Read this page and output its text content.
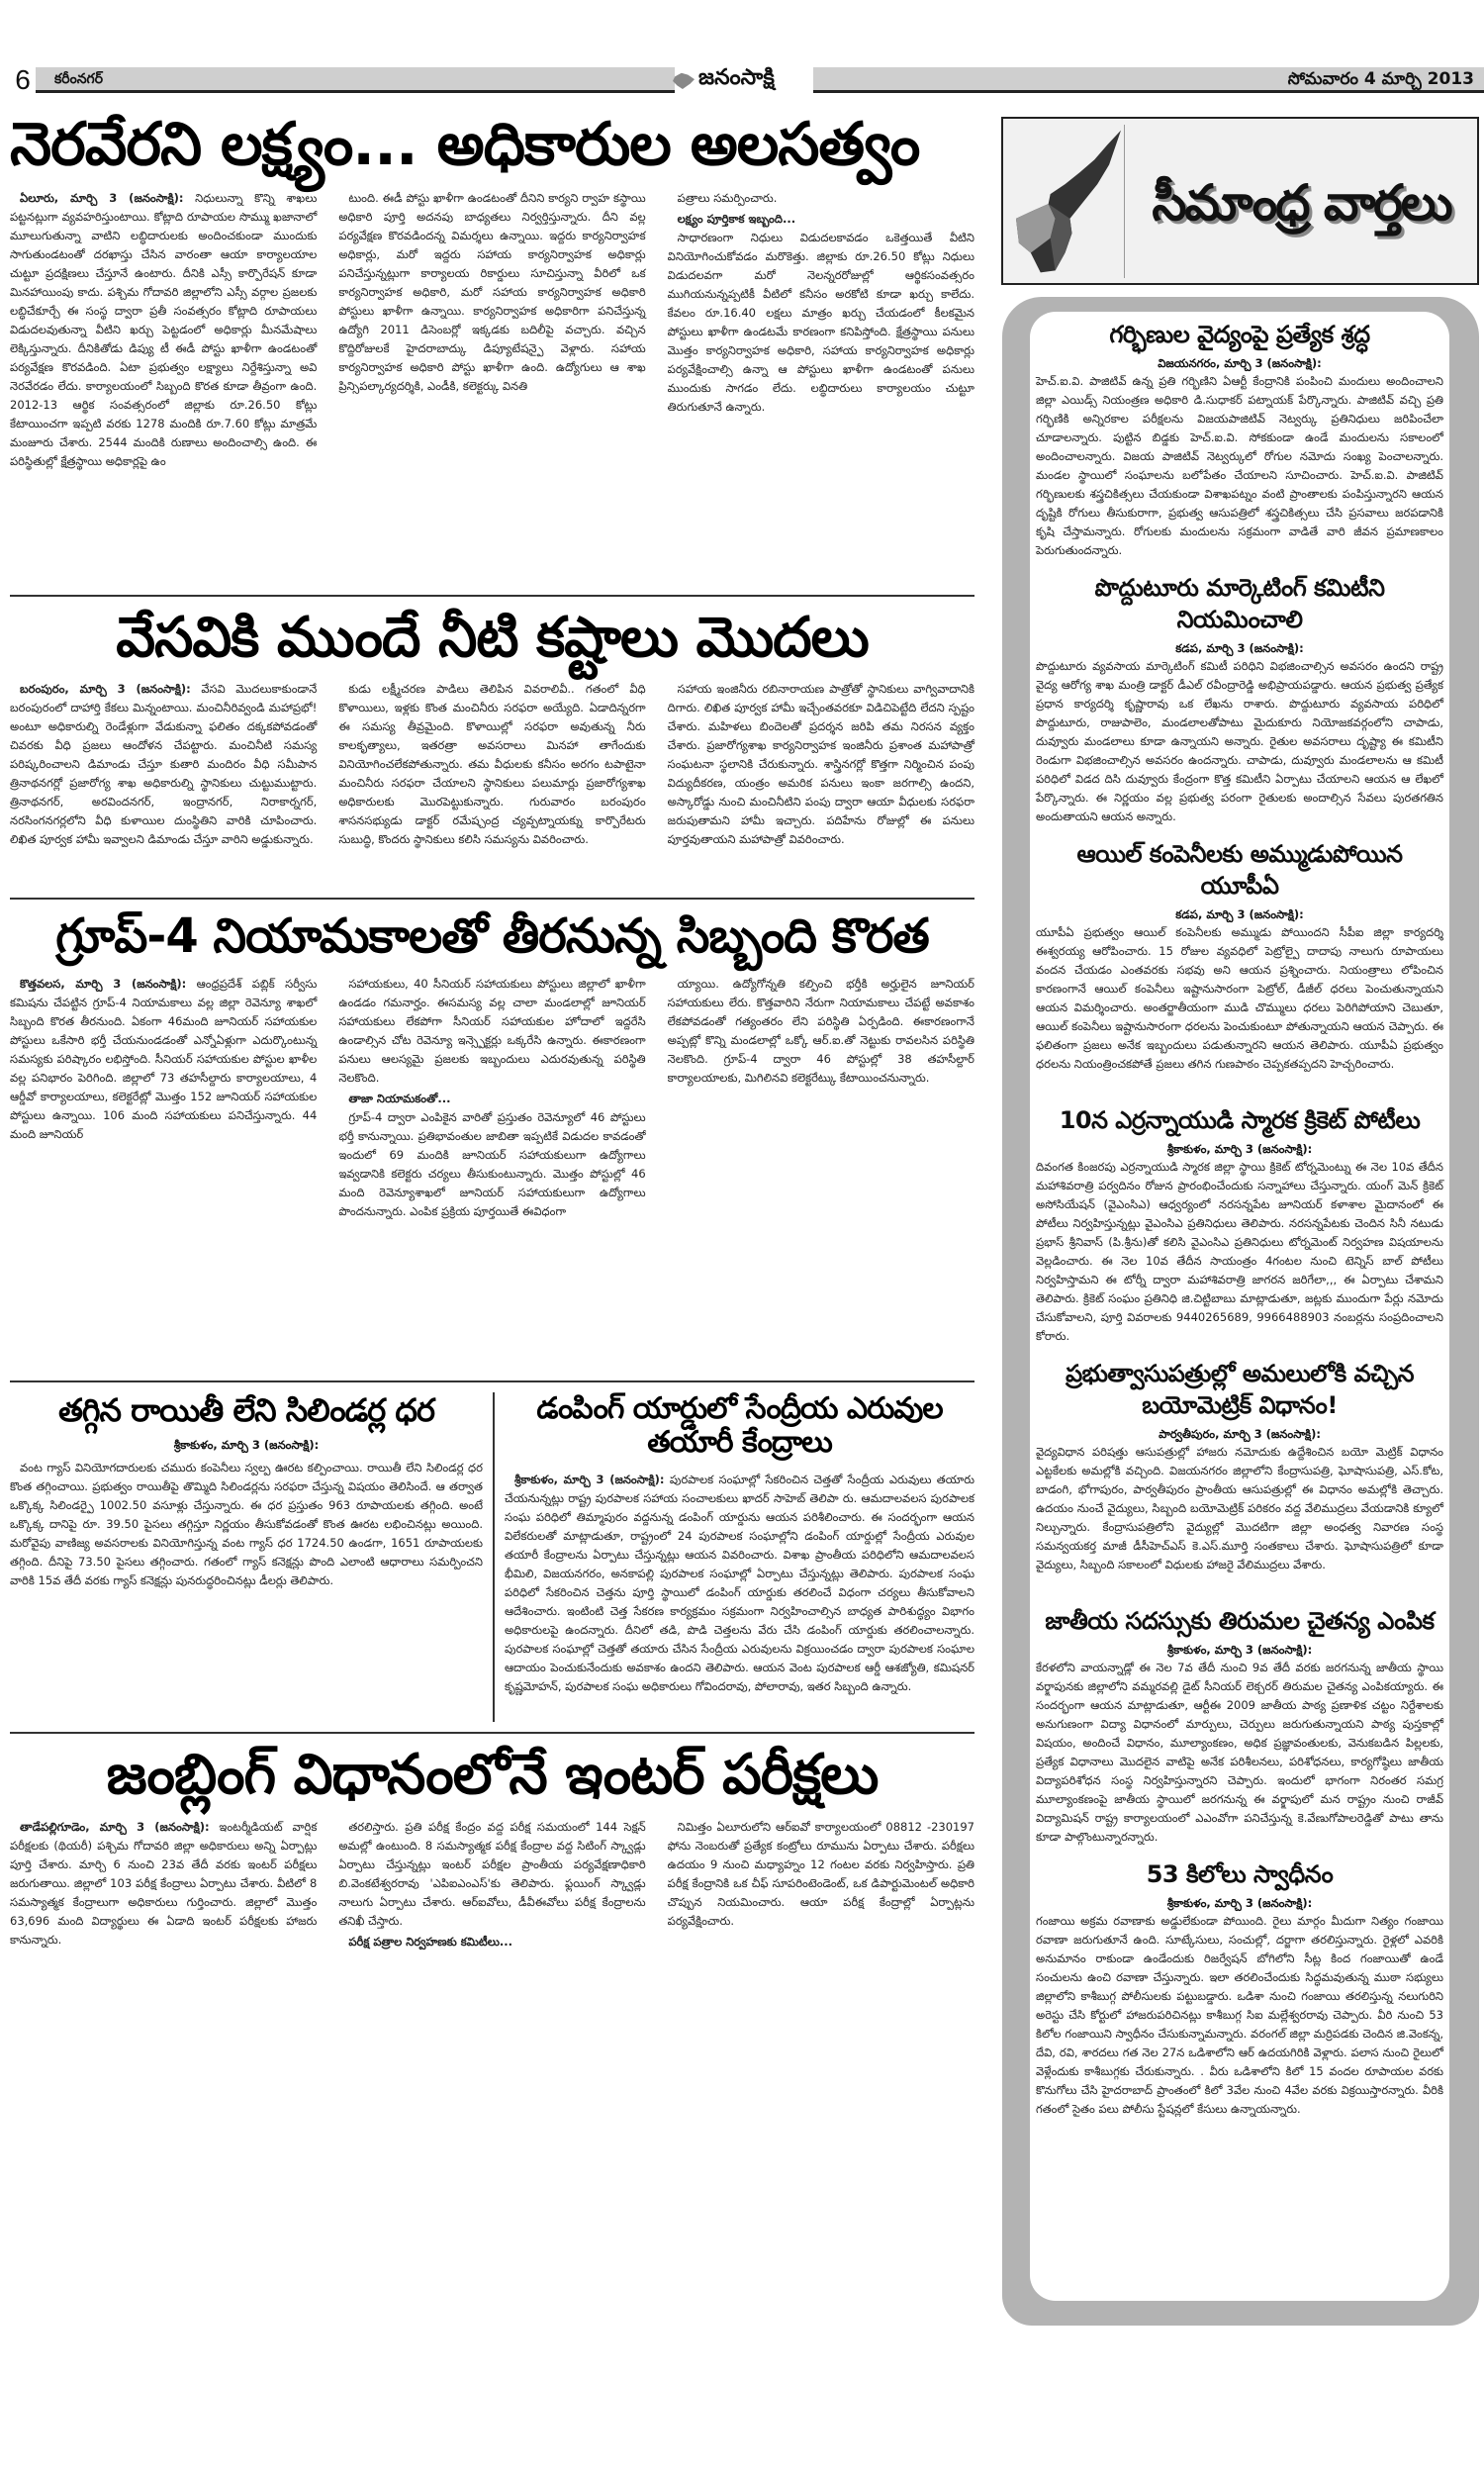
6	కరీంనగర్	జనంసాక్షి	సోమవారం 4 మార్చి 2013
నెరవేరని లక్ష్యం... అధికారుల అలసత్వం

ఏలూరు, మార్చి 3 (జనంసాక్షి): నిధులున్నా కొన్ని శాఖలు పట్టనట్లుగా వ్యవహరిస్తుంటాయి. కోట్లాది రూపాయల సొమ్ము ఖజానాలో మూలుగుతున్నా వాటిని లబ్ధిదారులకు అందించకుండా ముందుకు సాగుతుండటంతో దరఖాస్తు చేసిన వారంతా ఆయా కార్యాలయాల చుట్టూ ప్రదక్షిణలు చేస్తూనే ఉంటారు. దీనికి ఎస్సీ కార్పొరేషన్ కూడా మినహాయింపు కాదు. పశ్చిమ గోదావరి జిల్లాలోని ఎస్సీ వర్గాల ప్రజలకు లబ్ధిచేకూర్చే ఈ సంస్థ ద్వారా ప్రతీ సంవత్సరం కోట్లాది రూపాయలు విడుదలవుతున్నా వీటిని ఖర్చు పెట్టడంలో అధికార్లు మీనమేషాలు లెక్కిస్తున్నారు. దీనికితోడు డిప్యు టీ ఈడీ పోస్టు ఖాళీగా ఉండటంతో పర్యవేక్షణ కొరవడింది. ఏటా ప్రభుత్వం లక్ష్యాలు నిర్దేశిస్తున్నా అవి నెరవేరడం లేదు. కార్యాలయంలో సిబ్బంది కొరత కూడా తీవ్రంగా ఉంది. 2012-13 ఆర్థిక సంవత్సరంలో జిల్లాకు రూ.26.50 కోట్లు కేటాయించగా ఇప్పటి వరకు 1278 మందికి రూ.7.60 కోట్లు మాత్రమే మంజూరు చేశారు. 2544 మందికి రుణాలు అందించాల్సి ఉంది. ఈ పరిస్థితుల్లో క్షేత్రస్థాయి అధికార్లపై ఉం

టుంది. ఈడీ పోస్టు ఖాళీగా ఉండటంతో దీనిని కార్యని ర్వాహ కస్థాయి అధికారి పూర్తి అదనపు బాధ్యతలు నిర్వర్తిస్తున్నారు. దీని వల్ల పర్యవేక్షణ కొరవడిందన్న విమర్శలు ఉన్నాయి. ఇద్దరు కార్యనిర్వాహక అధికార్లు, మరో ఇద్దరు సహాయ కార్యనిర్వాహక అధికార్లు పనిచేస్తున్నట్లుగా కార్యాలయ రికార్డులు సూచిస్తున్నా వీరిలో ఒక కార్యనిర్వాహక అధికారి, మరో సహాయ కార్యనిర్వాహక అధికారి పోస్టులు ఖాళీగా ఉన్నాయి. కార్యనిర్వాహక అధికారిగా పనిచేస్తున్న ఉద్యోగి 2011 డిసెంబర్లో ఇక్కడకు బదిలీపై వచ్చారు. వచ్చిన కొద్దిరోజులకే హైదరాబాద్కు డిప్యూటేషన్పై వెళ్లారు. సహాయ కార్యనిర్వాహక అధికారి పోస్టు ఖాళీగా ఉంది. ఉద్యోగులు ఆ శాఖ ప్రిన్సిపల్కార్యదర్శికి, ఎండీకి, కలెక్టర్కు వినతి

పత్రాలు సమర్పించారు.

లక్ష్యం పూర్తికాక ఇబ్బంది...

సాధారణంగా నిధులు విడుదలకావడం ఒకెత్తయితే వీటిని వినియోగించుకోవడం మరొకెత్తు. జిల్లాకు రూ.26.50 కోట్లు నిధులు విడుదలవగా మరో నెలన్నరరోజుల్లో ఆర్థికసంవత్సరం ముగియనున్నప్పటికీ వీటిలో కనీసం అరకోటి కూడా ఖర్చు కాలేదు. కేవలం రూ.16.40 లక్షలు మాత్రం ఖర్చు చేయడంలో కీలకమైన పోస్టులు ఖాళీగా ఉండటమే కారణంగా కనిపిస్తోంది. క్షేత్రస్థాయి పనులు మొత్తం కార్యనిర్వాహక అధికారి, సహాయ కార్యనిర్వాహక అధికార్లు పర్యవేక్షించాల్సి ఉన్నా ఆ పోస్టులు ఖాళీగా ఉండటంతో పనులు ముందుకు సాగడం లేదు. లబ్ధిదారులు కార్యాలయం చుట్టూ తిరుగుతూనే ఉన్నారు.

వేసవికి ముందే నీటి కష్టాలు మొదలు

బరంపురం, మార్చి 3 (జనంసాక్షి): వేసవి మొదలుకాకుండానే బరంపురంలో దాహార్తి కేకలు మిన్నంటాయి. మంచినీరివ్వండి మహాప్రభో! అంటూ అధికారుల్ని రెండేళ్లుగా వేడుకున్నా ఫలితం దక్కకపోవడంతో చివరకు వీధి ప్రజలు ఆందోళన చేపట్టారు. మంచినీటి సమస్య పరిష్కరించాలని డిమాండు చేస్తూ కుతారి మందిరం వీధి సమీపాన త్రినాథనగర్లో ప్రజారోగ్య శాఖ అధికారుల్ని స్థానికులు చుట్టుముట్టారు. త్రినాథనగర్, అరవిందనగర్, ఇంద్రానగర్, నిరాకార్నగర్, నరసింగనగర్లలోని వీధి కుళాయిల దుంస్థితిని వారికి చూపించారు. లిఖిత పూర్వక హామీ ఇవ్వాలని డిమాండు చేస్తూ వారిని అడ్డుకున్నారు.

కుడు లక్ష్మీచరణ పాడిలు తెలిపిన వివరాలివీ.. గతంలో వీధి కొళాయిలు, ఇళ్లకు కొంత మంచినీరు సరఫరా అయ్యేది. ఏడాదిన్నరగా ఈ సమస్య తీవ్రమైంది. కొళాయిల్లో సరఫరా అవుతున్న నీరు కాలకృత్యాలు, ఇతరత్రా అవసరాలు మినహా తాగేందుకు వినియోగించలేకపోతున్నారు. తమ వీధులకు కనీసం అరగం టపాటైనా మంచినీరు సరఫరా చేయాలని స్థానికులు పలుమార్లు ప్రజారోగ్యశాఖ అధికారులకు మొరపెట్టుకున్నారు. గురువారం బరంపురం శాసనసభ్యుడు డాక్టర్ రమేష్చంద్ర చ్యవ్పట్నాయక్ను కార్పొరేటరు సుబుద్ధి, కొందరు స్థానికులు కలిసి సమస్యను వివరించారు.

సహాయ ఇంజినీరు రబినారాయణ పాత్రోతో స్థానికులు వాగ్వివాదానికి దిగారు. లిఖిత పూర్వక హామీ ఇచ్చేంతవరకూ విడిచిపెట్టేది లేదని స్పష్టం చేశారు. మహిళలు బిందెలతో ప్రదర్శన జరిపి తమ నిరసన వ్యక్తం చేశారు. ప్రజారోగ్యశాఖ కార్యనిర్వాహక ఇంజినీరు ప్రశాంత మహాపాత్రో సంఘటనా స్థలానికి చేరుకున్నారు. శాస్త్రినగర్లో కొత్తగా నిర్మించిన పంపు విద్యుదీకరణ, యంత్రం అమరిక పనులు ఇంకా జరగాల్సి ఉందని, అస్కారోడ్డు నుంచి మంచినీటిని పంపు ద్వారా ఆయా వీధులకు సరఫరా జరుపుతామని హామీ ఇచ్చారు. పదిహేను రోజుల్లో ఈ పనులు పూర్తవుతాయని మహాపాత్రో వివరించారు.

గ్రూప్-4 నియామకాలతో తీరనున్న సిబ్బంది కొరత

కొత్తవలస, మార్చి 3 (జనంసాక్షి): ఆంధ్రప్రదేశ్ పబ్లిక్ సర్వీసు కమిషను చేపట్టిన గ్రూప్-4 నియామకాలు వల్ల జిల్లా రెవెన్యూ శాఖలో సిబ్బంది కొరత తీరనుంది. ఏకంగా 46మంది జూనియర్ సహాయకుల పోస్టులు ఒకేసారి భర్తీ చేయనుండడంతో ఎన్నోఏళ్లుగా ఎదుర్కొంటున్న సమస్యకు పరిష్కారం లభిస్తోంది. సీనియర్ సహాయకుల పోస్టుల ఖాళీల వల్ల పనిభారం పెరిగింది. జిల్లాలో 73 తహసీల్దారు కార్యాలయాలు, 4 ఆర్డీవో కార్యాలయాలు, కలెక్టరేట్లో మొత్తం 152 జూనియర్ సహాయకుల పోస్టులు ఉన్నాయి. 106 మంది సహాయకులు పనిచేస్తున్నారు. 44 మంది జూనియర్

సహాయకులు, 40 సీనియర్ సహాయకులు పోస్టులు జిల్లాలో ఖాళీగా ఉండడం గమనార్హం. ఈసమస్య వల్ల చాలా మండలాల్లో జూనియర్ సహాయకులు లేకపోగా సీనియర్ సహాయకుల హోదాలో ఇద్దరేసి ఉండాల్సిన చోట రెవెన్యూ ఇన్స్పెక్టర్లు ఒక్కరేసి ఉన్నారు. ఈకారణంగా పనులు ఆలస్యమై ప్రజలకు ఇబ్బందులు ఎదురవుతున్న పరిస్థితి నెలకొంది.

తాజా నియామకంతో...

గ్రూప్-4 ద్వారా ఎంపికైన వారితో ప్రస్తుతం రెవెన్యూలో 46 పోస్టులు భర్తీ కానున్నాయి. ప్రతిభావంతుల జాబితా ఇప్పటికే విడుదల కావడంతో ఇందులో 69 మందికి జూనియర్ సహాయకులుగా ఉద్యోగాలు ఇవ్వడానికి కలెక్టరు చర్యలు తీసుకుంటున్నారు. మొత్తం పోస్టుల్లో 46 మంది రెవెన్యూశాఖలో జూనియర్ సహాయకులుగా ఉద్యోగాలు పొందనున్నారు. ఎంపిక ప్రక్రియ పూర్తయితే ఈవిధంగా

య్యాయి. ఉద్యోగోన్నతి కల్పించి భర్తీకి అర్హులైన జూనియర్ సహాయకులు లేరు. కొత్తవారిని నేరుగా నియామకాలు చేపట్టే అవకాశం లేకపోవడంతో గత్యంతరం లేని పరిస్థితి ఏర్పడింది. ఈకారణంగానే అప్పట్లో కొన్ని మండలాల్లో ఒక్కో ఆర్.ఐ.తో నెట్టుకు రావలసిన పరిస్థితి నెలకొంది. గ్రూప్-4 ద్వారా 46 పోస్టుల్లో 38 తహసీల్దార్ కార్యాలయాలకు, మిగిలినవి కలెక్టరేట్కు కేటాయించనున్నారు.

తగ్గిన రాయితీ లేని సిలిండర్ల ధర
శ్రీకాకుళం, మార్చి 3 (జనంసాక్షి):
వంట గ్యాస్ వినియోగదారులకు చమురు కంపెనీలు స్వల్ప ఊరట కల్పించాయి. రాయితీ లేని సిలిండర్ల ధర కొంత తగ్గించాయి. ప్రభుత్వం రాయితీపై తొమ్మిది సిలిండర్లను సరఫరా చేస్తున్న విషయం తెలిసిందే. ఆ తర్వాత ఒక్కొక్క సిలిండర్పై 1002.50 వసూళ్లు చేస్తున్నారు. ఈ ధర ప్రస్తుతం 963 రూపాయలకు తగ్గింది. అంటే ఒక్కొక్క దానిపై రూ. 39.50 పైసలు తగ్గిస్తూ నిర్ణయం తీసుకోవడంతో కొంత ఊరట లభించినట్లు అయింది. మరోవైపు వాణిజ్య అవసరాలకు వినియోగిస్తున్న వంట గ్యాస్ ధర 1724.50 ఉండగా, 1651 రూపాయలకు తగ్గింది. దీనిపై 73.50 పైసలు తగ్గించారు. గతంలో గ్యాస్ కనెక్షన్లు పొంది ఎలాంటి ఆధారాలు సమర్పించని వారికి 15వ తేదీ వరకు గ్యాస్ కనెక్షన్లు పునరుద్ధరించినట్లు డీలర్లు తెలిపారు.
డంపింగ్ యార్డులో సేంద్రీయ ఎరువుల తయారీ కేంద్రాలు
శ్రీకాకుళం, మార్చి 3 (జనంసాక్షి): పురపాలక సంఘాల్లో సేకరించిన చెత్తతో సేంద్రీయ ఎరువులు తయారు చేయనున్నట్లు రాష్ట్ర పురపాలక సహాయ సంచాలకులు ఖాదర్ సాహెబ్ తెలిపా రు. ఆమదాలవలస పురపాలక సంఘ పరిధిలో తిమ్మాపురం వద్దనున్న డంపింగ్ యార్డును ఆయన పరిశీలించారు. ఈ సందర్భంగా ఆయన విలేకరులతో మాట్లాడుతూ, రాష్ట్రంలో 24 పురపాలక సంఘాల్లోని డంపింగ్ యార్డుల్లో సేంద్రీయ ఎరువుల తయారీ కేంద్రాలను ఏర్పాటు చేస్తున్నట్లు ఆయన వివరించారు. విశాఖ ప్రాంతీయ పరిధిలోని ఆమదాలవలస భీమిలి, విజయనగరం, అనకాపల్లి పురపాలక సంఘాల్లో ఏర్పాటు చేస్తున్నట్లు తెలిపారు. పురపాలక సంఘ పరిధిలో సేకరించిన చెత్తను పూర్తి స్థాయిలో డంపింగ్ యార్డుకు తరలించే విధంగా చర్యలు తీసుకోవాలని ఆదేశించారు. ఇంటింటి చెత్త సేకరణ కార్యక్రమం సక్రమంగా నిర్వహించాల్సిన బాధ్యత పారిశుద్ధ్యం విభాగం అధికారులపై ఉందన్నారు. దీనిలో తడి, పొడి చెత్తలను వేరు చేసి డంపింగ్ యార్డుకు తరలించాలన్నారు. పురపాలక సంఘాల్లో చెత్తతో తయారు చేసిన సేంద్రీయ ఎరువులను విక్రయించడం ద్వారా పురపాలక సంఘాల ఆదాయం పెంచుకునేందుకు అవకాశం ఉందని తెలిపారు. ఆయన వెంట పురపాలక ఆర్డీ ఆశజ్యోతి, కమిషనర్ కృష్ణమోహన్, పురపాలక సంఘ అధికారులు గోవిందరావు, పోలారావు, ఇతర సిబ్బంది ఉన్నారు.
జంబ్లింగ్ విధానంలోనే ఇంటర్ పరీక్షలు

తాడేపల్లిగూడెం, మార్చి 3 (జనంసాక్షి): ఇంటర్మీడియట్ వార్షిక పరీక్షలకు (థియరీ) పశ్చిమ గోదావరి జిల్లా అధికారులు అన్ని ఏర్పాట్లు పూర్తి చేశారు. మార్చి 6 నుంచి 23వ తేదీ వరకు ఇంటర్ పరీక్షలు జరుగుతాయి. జిల్లాలో 103 పరీక్ష కేంద్రాలు ఏర్పాటు చేశారు. వీటిలో 8 సమస్యాత్మక కేంద్రాలుగా అధికారులు గుర్తించారు. జిల్లాలో మొత్తం 63,696 మంది విద్యార్థులు ఈ ఏడాది ఇంటర్ పరీక్షలకు హాజరు కానున్నారు.

తరలిస్తారు. ప్రతి పరీక్ష కేంద్రం వద్ద పరీక్ష సమయంలో 144 సెక్షన్ అమల్లో ఉంటుంది. 8 సమస్యాత్మక పరీక్ష కేంద్రాల వద్ద సిటింగ్ స్క్వాడ్లు ఏర్పాటు చేస్తున్నట్లు ఇంటర్ పరీక్షల ప్రాంతీయ పర్యవేక్షణాధికారి బి.వెంకటేశ్వరరావు 'ఎపిఐఎంఎస్'కు తెలిపారు. ఫ్లయింగ్ స్క్వాడ్లు నాలుగు ఏర్పాటు చేశారు. ఆర్ఐవోలు, డీవీఈవోలు పరీక్ష కేంద్రాలను తనిఖీ చేస్తారు.

పరీక్ష పత్రాల నిర్వహణకు కమిటీలు...

నిమిత్తం ఏలూరులోని ఆర్ఐవో కార్యాలయంలో 08812 -230197 ఫోను నెంబరుతో ప్రత్యేక కంట్రోలు రూమును ఏర్పాటు చేశారు. పరీక్షలు ఉదయం 9 నుంచి మధ్యాహ్నం 12 గంటల వరకు నిర్వహిస్తారు. ప్రతి పరీక్ష కేంద్రానికి ఒక చీఫ్ సూపరింటెండెంట్, ఒక డిపార్టుమెంటల్ అధికారి చొప్పున నియమించారు. ఆయా పరీక్ష కేంద్రాల్లో ఏర్పాట్లను పర్యవేక్షించారు.

సీమాంధ్ర వార్తలు
గర్భిణుల వైద్యంపై ప్రత్యేక శ్రద్ధ
విజయనగరం, మార్చి 3 (జనంసాక్షి):
హెచ్.ఐ.వి. పాజిటివ్ ఉన్న ప్రతి గర్భిణిని ఏఆర్టీ కేంద్రానికి పంపించి మందులు అందించాలని జిల్లా ఎయిడ్స్ నియంత్రణ అధికారి డి.సుధాకర్ పట్నాయక్ పేర్కొన్నారు. పాజిటివ్ వచ్చి ప్రతి గర్భిణికి అన్నిరకాల పరీక్షలను విజయపాజిటివ్ నెట్వర్కు ప్రతినిధులు జరిపించేలా చూడాలన్నారు. పుట్టిన బిడ్డకు హెచ్.ఐ.వి. సోకకుండా ఉండే మందులను సకాలంలో అందించాలన్నారు. విజయ పాజిటివ్ నెట్వర్కులో రోగుల నమోదు సంఖ్య పెంచాలన్నారు. మండల స్థాయిలో సంఘాలను బలోపేతం చేయాలని సూచించారు. హెచ్.ఐ.వి. పాజిటివ్ గర్భిణులకు శస్త్రచికిత్సలు చేయకుండా విశాఖపట్నం వంటి ప్రాంతాలకు పంపిస్తున్నారని ఆయన దృష్టికి రోగులు తీసుకురాగా, ప్రభుత్వ ఆసుపత్రిలో శస్త్రచికిత్సలు చేసి ప్రసవాలు జరపడానికి కృషి చేస్తామన్నారు. రోగులకు మందులను సక్రమంగా వాడితే వారి జీవన ప్రమాణకాలం పెరుగుతుందన్నారు.
పొద్దుటూరు మార్కెటింగ్ కమిటీని నియమించాలి
కడప, మార్చి 3 (జనంసాక్షి):
పొద్దుటూరు వ్యవసాయ మార్కెటింగ్ కమిటీ పరిధిని విభజించాల్సిన అవసరం ఉందని రాష్ట్ర వైద్య ఆరోగ్య శాఖ మంత్రి డాక్టర్ డీఎల్ రవీంద్రారెడ్డి అభిప్రాయపడ్డారు. ఆయన ప్రభుత్వ ప్రత్యేక ప్రధాన కార్యదర్శి కృష్ణారావు ఒక లేఖను రాశారు. పొద్దుటూరు వ్యవసాయ పరిధిలో పొద్దుటూరు, రాజుపాలెం, మండలాలతోపాటు మైదుకూరు నియోజకవర్గంలోని చాపాడు, దువ్వూరు మండలాలు కూడా ఉన్నాయని అన్నారు. రైతుల అవసరాలు దృష్ట్యా ఈ కమిటీని రెండుగా విభజించాల్సిన అవసరం ఉందన్నారు. చాపాడు, దువ్వూరు మండలాలను ఆ కమిటీ పరిధిలో విడద దిసి దువ్వూరు కేంద్రంగా కొత్త కమిటీని ఏర్పాటు చేయాలని ఆయన ఆ లేఖలో పేర్కొన్నారు. ఈ నిర్ణయం వల్ల ప్రభుత్వ పరంగా రైతులకు అందాల్సిన సేవలు పురతగతిన అందుతాయని ఆయన అన్నారు.
ఆయిల్ కంపెనీలకు అమ్ముడుపోయిన యూపీఏ
కడప, మార్చి 3 (జనంసాక్షి):
యూపీఏ ప్రభుత్వం ఆయిల్ కంపెనీలకు అమ్ముడు పోయిందని సీపీఐ జిల్లా కార్యదర్శి ఈశ్వరయ్య ఆరోపించారు. 15 రోజుల వ్యవధిలో పెట్రోల్పై దాదాపు నాలుగు రూపాయలు వందన చేయడం ఎంతవరకు సభవు అని ఆయన ప్రశ్నించారు. నియంత్రాలు లోపించిన కారణంగానే ఆయిల్ కంపెనీలు ఇష్టానుసారంగా పెట్రోల్, డీజీల్ ధరలు పెంచుతున్నాయని ఆయన విమర్శించారు. అంతర్జాతీయంగా ముడి చొమ్ములు ధరలు పెరిగిపోయాని చెబుతూ, ఆయిల్ కంపెనీలు ఇష్టానుసారంగా ధరలను పెంచుకుంటూ పోతున్నాయని ఆయన చెప్పారు. ఈ ఫలితంగా ప్రజలు అనేక ఇబ్బందులు పడుతున్నారని ఆయన తెలిపారు. యూపీఏ ప్రభుత్వం ధరలను నియంత్రించకపోతే ప్రజలు తగిన గుణపాఠం చెప్పకతప్పదని హెచ్చరించారు.
10న ఎర్రన్నాయుడి స్మారక క్రికెట్ పోటీలు
శ్రీకాకుళం, మార్చి 3 (జనంసాక్షి):
దివంగత కింజరపు ఎర్రన్నాయుడి స్మారక జిల్లా స్థాయి క్రికెట్ టోర్నమెంట్ను ఈ నెల 10వ తేదీన మహాశివరాత్రి పర్వదినం రోజున ప్రారంభించేందుకు సన్నాహాలు చేస్తున్నారు. యంగ్ మెన్ క్రికెట్ అసోసియేషన్ (వైఎంసిఎ) ఆధ్వర్యంలో నరసన్నపేట జూనియర్ కళాశాల మైదానంలో ఈ పోటీలు నిర్వహిస్తున్నట్లు వైఎంసిఎ ప్రతినిధులు తెలిపారు. నరసన్నపేటకు చెందిన సినీ నటుడు ప్రభాస్ శ్రీనివాస్ (పి.శ్రీను)తో కలిసి వైఎంసిఎ ప్రతినిధులు టోర్నమెంట్ నిర్వహణ విషయాలను వెల్లడించారు. ఈ నెల 10వ తేదీన సాయంత్రం 4గంటల నుంచి టెన్నిస్ బాల్ పోటీలు నిర్వహిస్తామని ఈ టోర్నీ ద్వారా మహాశివరాత్రి జాగరన జరిగేలా,,, ఈ ఏర్పాటు చేశామని తెలిపారు. క్రికెట్ సంఘం ప్రతినిధి జి.చిట్టిబాబు మాట్లాడుతూ, జట్లకు ముందుగా పేర్లు నమోదు చేసుకోవాలని, పూర్తి వివరాలకు 9440265689, 9966488903 నంబర్లను సంప్రదించాలని కోరారు.
ప్రభుత్వాసుపత్రుల్లో అమలులోకి వచ్చిన బయోమెట్రిక్ విధానం!
పార్వతీపురం, మార్చి 3 (జనంసాక్షి):
వైద్యవిధాన పరిషత్తు ఆసుపత్రుల్లో హాజరు నమోదుకు ఉద్దేశించిన బయో మెట్రిక్ విధానం ఎట్టకేలకు అమల్లోకి వచ్చింది. విజయనగరం జిల్లాలోని కేంద్రాసుపత్రి, ఘోషాసుపత్రి, ఎస్.కోట, బాడంగి, భోగాపురం, పార్వతీపురం ప్రాంతీయ ఆసుపత్రుల్లో ఈ విధానం అమల్లోకి తెచ్చారు. ఉదయం నుంచే వైద్యులు, సిబ్బంది బయోమెట్రిక్ పరికరం వద్ద వేలిముద్రలు వేయడానికి క్యూలో నిల్చున్నారు. కేంద్రాసుపత్రిలోని వైద్యుల్లో మొదటిగా జిల్లా అంధత్వ నివారణ సంస్థ సమన్వయకర్త మాజీ డీసీహెచ్ఎస్ కె.ఎస్.మూర్తి సంతకాలు చేశారు. ఘోషాసుపత్రిలో కూడా వైద్యులు, సిబ్బంది సకాలంలో విధులకు హాజరై వేలిముద్రలు వేశారు.
జాతీయ సదస్సుకు తిరుమల చైతన్య ఎంపిక
శ్రీకాకుళం, మార్చి 3 (జనంసాక్షి):
కేరళలోని వాయన్నాడ్లో ఈ నెల 7వ తేదీ నుంచి 9వ తేదీ వరకు జరగనున్న జాతీయ స్థాయి వర్క్షాపునకు జిల్లాలోని వమ్మరవల్లి డైట్ సీనియర్ లెక్చరర్ తిరుమల చైతన్య ఎంపికయ్యారు. ఈ సందర్భంగా ఆయన మాట్లాడుతూ, ఆర్టీఈ 2009 జాతీయ పాఠ్య ప్రణాళిక చట్టం నిర్దేశాలకు అనుగుణంగా విద్యా విధానంలో మార్పులు, చెర్పులు జరుగుతున్నాయని పాఠ్య పుస్తకాల్లో విషయం, అందించే విధానం, మూల్యాంకణం, అధిక ప్రజ్ఞావంతులకు, వెనుకబడిన పిల్లలకు, ప్రత్యేక విధానాలు మొదలైన వాటిపై అనేక పరిశీలనలు, పరిశోధనలు, కార్యగోష్ఠిలు జాతీయ విద్యాపరిశోధన సంస్థ నిర్వహిస్తున్నారని చెప్పారు. ఇందులో భాగంగా నిరంతర సమగ్ర మూల్యాంకణంపై జాతీయ స్థాయిలో జరగనున్న ఈ వర్క్షాపులో మన రాష్ట్రం నుంచి రాజీవ్ విద్యామిషన్ రాష్ట్ర కార్యాలయంలో ఎఎంవోగా పనిచేస్తున్న కె.వేణుగోపాలరెడ్డితో పాటు తాను కూడా పాల్గొంటున్నారన్నారు.
53 కిలోలు స్వాధీనం
శ్రీకాకుళం, మార్చి 3 (జనంసాక్షి):
గంజాయి అక్రమ రవాణాకు అడ్డులేకుండా పోయింది. రైలు మార్గం మీదుగా నిత్యం గంజాయి రవాణా జరుగుతూనే ఉంది. సూట్కేసులు, సంచుల్లో, దర్జాగా తరలిస్తున్నారు. రైళ్లలో ఎవరికి అనుమానం రాకుండా ఉండేందుకు రిజర్వేషన్ బోగిలోని సీట్ల కింద గంజాయితో ఉండే సంచులను ఉంచి రవాణా చేస్తున్నారు. ఇలా తరలించేందుకు సిద్ధమవుతున్న ముఠా సభ్యులు జిల్లాలోని కాశీబుగ్గ పోలీసులకు పట్టుబడ్డారు. ఒడిశా నుంచి గంజాయి తరలిస్తున్న నలుగురిని అరెస్టు చేసి కోర్టులో హాజరుపరిచినట్లు కాశీబుగ్గ సిఐ మల్లేశ్వరరావు చెప్పారు. వీరి నుంచి 53 కిలోల గంజాయిని స్వాధీనం చేసుకున్నామన్నారు. వరంగల్ జిల్లా మర్రిపడకు చెందిన జి.వెంకన్న, దేవి, రవి, శారదలు గత నెల 27న ఒడిశాలోని ఆర్ ఉదయగిరికి వెళ్లారు. పలాస నుంచి రైలులో వెళ్లేందుకు కాశీబుగ్గకు చేరుకున్నారు. . వీరు ఒడిశాలోని కిలో 15 వందల రూపాయల వరకు కొనుగోలు చేసి హైదరాబాద్ ప్రాంతంలో కిలో 3వేల నుంచి 4వేల వరకు విక్రయిస్తారన్నారు. వీరికి గతంలో సైతం పలు పోలీసు స్టేషన్లలో కేసులు ఉన్నాయన్నారు.
